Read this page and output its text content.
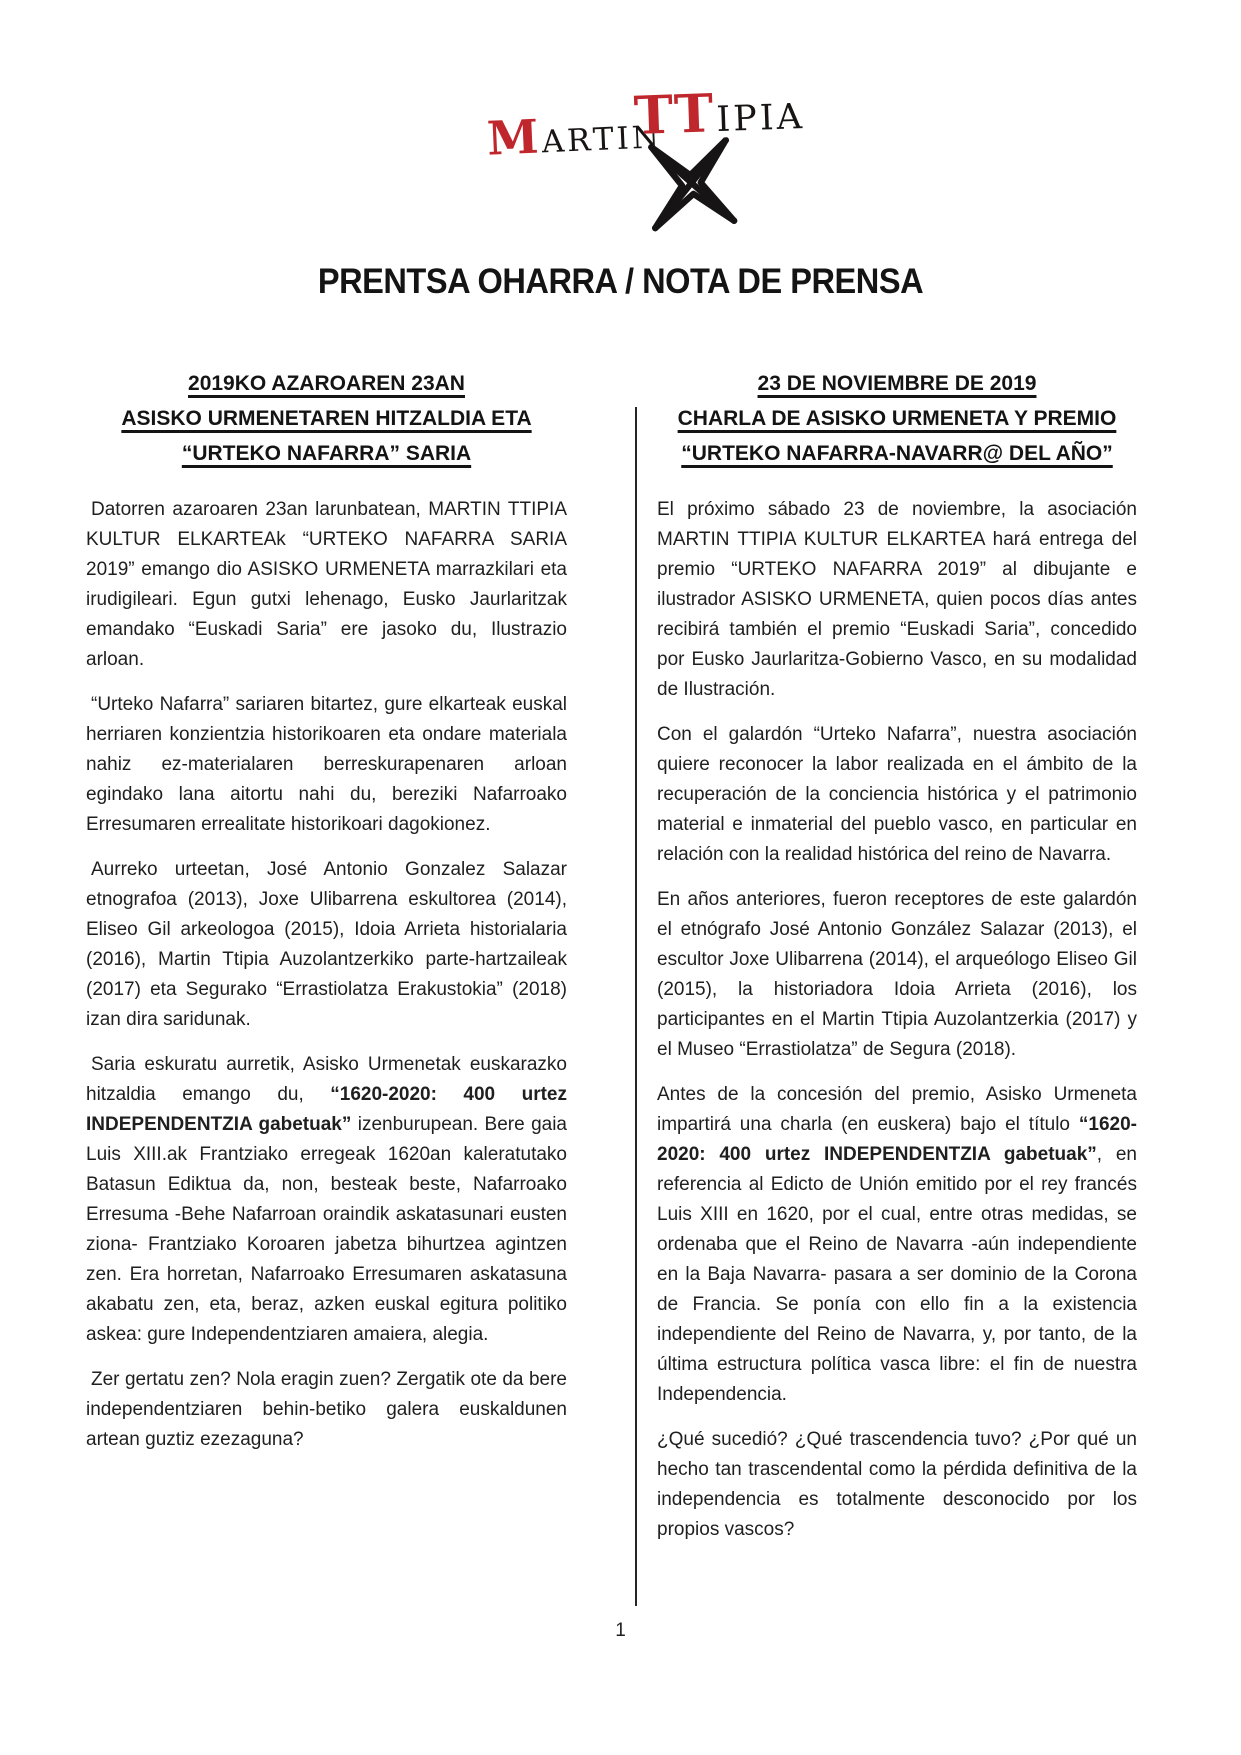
MARTIN
TTIPIA
PRENTSA OHARRA / NOTA DE PRENSA
2019KO AZAROAREN 23AN
ASISKO URMENETAREN HITZALDIA ETA
“URTEKO NAFARRA” SARIA

Datorren azaroaren 23an larunbatean, MARTIN TTIPIA KULTUR ELKARTEAk “URTEKO NAFARRA SARIA 2019” emango dio ASISKO URMENETA marrazkilari eta irudigileari. Egun gutxi lehenago, Eusko Jaurlaritzak emandako “Euskadi Saria” ere jasoko du, Ilustrazio arloan.

“Urteko Nafarra” sariaren bitartez, gure elkarteak euskal herriaren konzientzia historikoaren eta ondare materiala nahiz ez-materialaren berreskurapenaren arloan egindako lana aitortu nahi du, bereziki Nafarroako Erresumaren errealitate historikoari dagokionez.

Aurreko urteetan, José Antonio Gonzalez Salazar etnografoa (2013), Joxe Ulibarrena eskultorea (2014), Eliseo Gil arkeologoa (2015), Idoia Arrieta historialaria (2016), Martin Ttipia Auzolantzerkiko parte-hartzaileak (2017) eta Segurako “Errastiolatza Erakustokia” (2018) izan dira saridunak.

Saria eskuratu aurretik, Asisko Urmenetak euskarazko hitzaldia emango du, “1620-2020: 400 urtez INDEPENDENTZIA gabetuak” izenburupean. Bere gaia Luis XIII.ak Frantziako erregeak 1620an kaleratutako Batasun Ediktua da, non, besteak beste, Nafarroako Erresuma -Behe Nafarroan oraindik askatasunari eusten ziona- Frantziako Koroaren jabetza bihurtzea agintzen zen. Era horretan, Nafarroako Erresumaren askatasuna akabatu zen, eta, beraz, azken euskal egitura politiko askea: gure Independentziaren amaiera, alegia.

Zer gertatu zen? Nola eragin zuen? Zergatik ote da bere independentziaren behin-betiko galera euskaldunen artean guztiz ezezaguna?

23 DE NOVIEMBRE DE 2019
CHARLA DE ASISKO URMENETA Y PREMIO
“URTEKO NAFARRA-NAVARR@ DEL AÑO”

El próximo sábado 23 de noviembre, la asociación MARTIN TTIPIA KULTUR ELKARTEA hará entrega del premio “URTEKO NAFARRA 2019” al dibujante e ilustrador ASISKO URMENETA, quien pocos días antes recibirá también el premio “Euskadi Saria”, concedido por Eusko Jaurlaritza-Gobierno Vasco, en su modalidad de Ilustración.

Con el galardón “Urteko Nafarra”, nuestra asociación quiere reconocer la labor realizada en el ámbito de la recuperación de la conciencia histórica y el patrimonio material e inmaterial del pueblo vasco, en particular en relación con la realidad histórica del reino de Navarra.

En años anteriores, fueron receptores de este galardón el etnógrafo José Antonio González Salazar (2013), el escultor Joxe Ulibarrena (2014), el arqueólogo Eliseo Gil (2015), la historiadora Idoia Arrieta (2016), los participantes en el Martin Ttipia Auzolantzerkia (2017) y el Museo “Errastiolatza” de Segura (2018).

Antes de la concesión del premio, Asisko Urmeneta impartirá una charla (en euskera) bajo el título “1620-2020: 400 urtez INDEPENDENTZIA gabetuak”, en referencia al Edicto de Unión emitido por el rey francés Luis XIII en 1620, por el cual, entre otras medidas, se ordenaba que el Reino de Navarra -aún independiente en la Baja Navarra- pasara a ser dominio de la Corona de Francia. Se ponía con ello fin a la existencia independiente del Reino de Navarra, y, por tanto, de la última estructura política vasca libre: el fin de nuestra Independencia.

¿Qué sucedió? ¿Qué trascendencia tuvo? ¿Por qué un hecho tan trascendental como la pérdida definitiva de la independencia es totalmente desconocido por los propios vascos?

1
